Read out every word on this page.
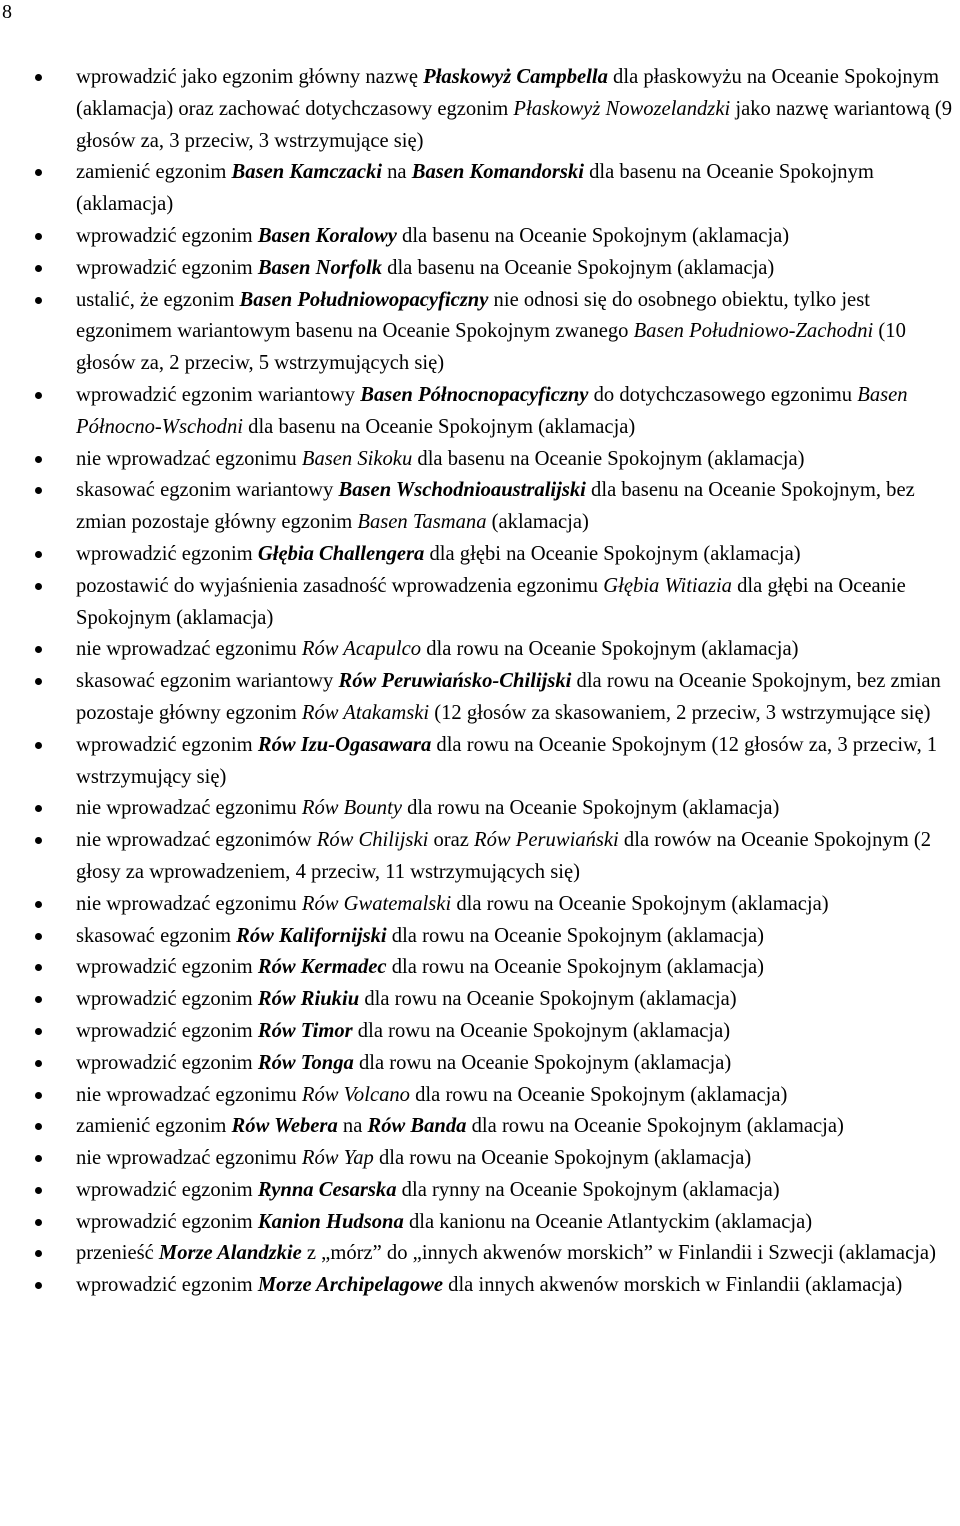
8
wprowadzić jako egzonim główny nazwę Płaskowyż Campbella dla płaskowyżu na Oceanie Spokojnym (aklamacja) oraz zachować dotychczasowy egzonim Płaskowyż Nowozelandzki jako nazwę wariantową (9 głosów za, 3 przeciw, 3 wstrzymujące się)
zamienić egzonim Basen Kamczacki na Basen Komandorski dla basenu na Oceanie Spokojnym (aklamacja)
wprowadzić egzonim Basen Koralowy dla basenu na Oceanie Spokojnym (aklamacja)
wprowadzić egzonim Basen Norfolk dla basenu na Oceanie Spokojnym (aklamacja)
ustalić, że egzonim Basen Południowopacyficzny nie odnosi się do osobnego obiektu, tylko jest egzonimem wariantowym basenu na Oceanie Spokojnym zwanego Basen Południowo-Zachodni (10 głosów za, 2 przeciw, 5 wstrzymujących się)
wprowadzić egzonim wariantowy Basen Północnopacyficzny do dotychczasowego egzonimu Basen Północno-Wschodni dla basenu na Oceanie Spokojnym (aklamacja)
nie wprowadzać egzonimu Basen Sikoku dla basenu na Oceanie Spokojnym (aklamacja)
skasować egzonim wariantowy Basen Wschodnioaustralijski dla basenu na Oceanie Spokojnym, bez zmian pozostaje główny egzonim Basen Tasmana (aklamacja)
wprowadzić egzonim Głębia Challengera dla głębi na Oceanie Spokojnym (aklamacja)
pozostawić do wyjaśnienia zasadność wprowadzenia egzonimu Głębia Witiazia dla głębi na Oceanie Spokojnym (aklamacja)
nie wprowadzać egzonimu Rów Acapulco dla rowu na Oceanie Spokojnym (aklamacja)
skasować egzonim wariantowy Rów Peruwiańsko-Chilijski dla rowu na Oceanie Spokojnym, bez zmian pozostaje główny egzonim Rów Atakamski (12 głosów za skasowaniem, 2 przeciw, 3 wstrzymujące się)
wprowadzić egzonim Rów Izu-Ogasawara dla rowu na Oceanie Spokojnym (12 głosów za, 3 przeciw, 1 wstrzymujący się)
nie wprowadzać egzonimu Rów Bounty dla rowu na Oceanie Spokojnym (aklamacja)
nie wprowadzać egzonimów Rów Chilijski oraz Rów Peruwiański dla rowów na Oceanie Spokojnym (2 głosy za wprowadzeniem, 4 przeciw, 11 wstrzymujących się)
nie wprowadzać egzonimu Rów Gwatemalski dla rowu na Oceanie Spokojnym (aklamacja)
skasować egzonim Rów Kalifornijski dla rowu na Oceanie Spokojnym (aklamacja)
wprowadzić egzonim Rów Kermadec dla rowu na Oceanie Spokojnym (aklamacja)
wprowadzić egzonim Rów Riukiu dla rowu na Oceanie Spokojnym (aklamacja)
wprowadzić egzonim Rów Timor dla rowu na Oceanie Spokojnym (aklamacja)
wprowadzić egzonim Rów Tonga dla rowu na Oceanie Spokojnym (aklamacja)
nie wprowadzać egzonimu Rów Volcano dla rowu na Oceanie Spokojnym (aklamacja)
zamienić egzonim Rów Webera na Rów Banda dla rowu na Oceanie Spokojnym (aklamacja)
nie wprowadzać egzonimu Rów Yap dla rowu na Oceanie Spokojnym (aklamacja)
wprowadzić egzonim Rynna Cesarska dla rynny na Oceanie Spokojnym (aklamacja)
wprowadzić egzonim Kanion Hudsona dla kanionu na Oceanie Atlantyckim (aklamacja)
przenieść Morze Alandzkie z „mórz” do „innych akwenów morskich” w Finlandii i Szwecji (aklamacja)
wprowadzić egzonim Morze Archipelagowe dla innych akwenów morskich w Finlandii (aklamacja)
